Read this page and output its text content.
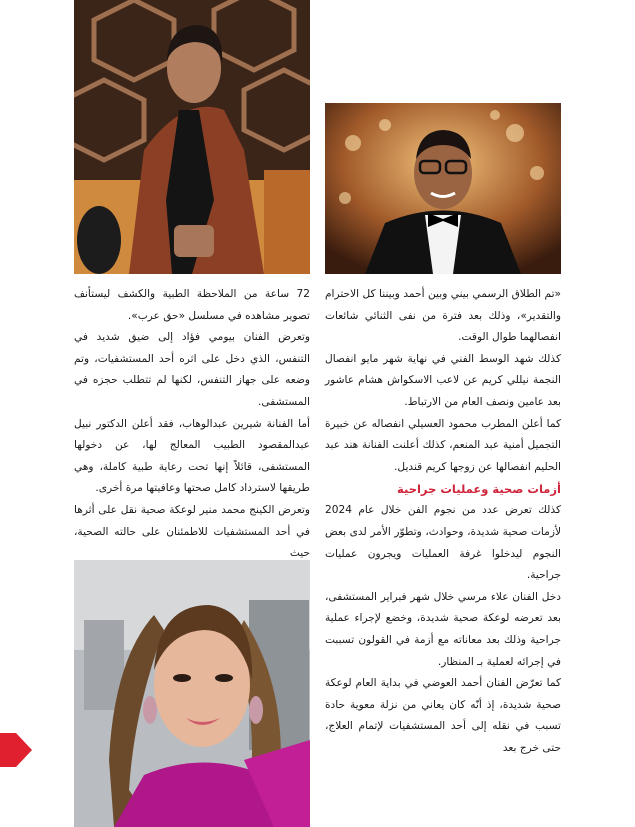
«تم الطلاق الرسمي بيني وبين أحمد وبيننا كل الاحترام والتقدير»، وذلك بعد فترة من نفى الثنائي شائعات انفصالهما طوال الوقت.

كذلك شهد الوسط الفني في نهاية شهر مايو انفصال النجمة نيللي كريم عن لاعب الاسكواش هشام عاشور بعد عامين ونصف العام من الارتباط.

كما أعلن المطرب محمود العسيلي انفصاله عن خبيرة التجميل أمنية عبد المنعم، كذلك أعلنت الفنانة هند عبد الحليم انفصالها عن زوجها كريم قنديل.

أزمات صحية وعمليات جراحية

كذلك تعرض عدد من نجوم الفن خلال عام 2024 لأزمات صحية شديدة، وحوادث، وتطوّر الأمر لدى بعض النجوم ليدخلوا غرفة العمليات ويجرون عمليات جراحية.

دخل الفنان علاء مرسي خلال شهر فبراير المستشفى، بعد تعرضه لوعكة صحية شديدة، وخضع لإجراء عملية جراحية وذلك بعد معاناته مع أزمة في القولون تسببت في إجرائه لعملية بـ المنظار.

كما تعرّض الفنان أحمد العوضي في بداية العام لوعكة صحية شديدة، إذ أنّه كان يعاني من نزلة معوية حادة تسبب في نقله إلى أحد المستشفيات لإتمام العلاج، حتى خرج بعد

72 ساعة من الملاحظة الطبية والكشف ليستأنف تصوير مشاهده في مسلسل «حق عرب».

وتعرض الفنان بيومي فؤاد إلى ضيق شديد في التنفس، الذي دخل على اثره أحد المستشفيات، وتم وضعه على جهاز التنفس، لكنها لم تتطلب حجزه في المستشفى.

أما الفنانة شيرين عبدالوهاب، فقد أعلن الدكتور نبيل عبدالمقصود الطبيب المعالج لها، عن دخولها المستشفى، قائلاً إنها تحت رعاية طبية كاملة، وهي طريقها لاسترداد كامل صحتها وعافيتها مرة أخرى.

وتعرض الكينج محمد منير لوعكة صحية نقل على أثرها في أحد المستشفيات للاطمئنان على حالته الصحية، حيث
